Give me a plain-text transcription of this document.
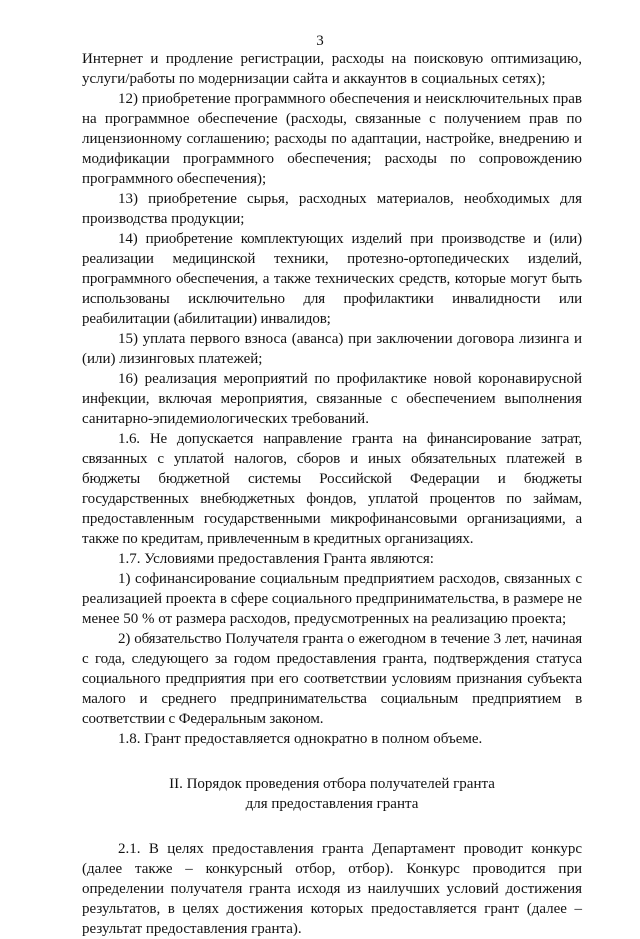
3

Интернет и продление регистрации, расходы на поисковую оптимизацию, услуги/работы по модернизации сайта и аккаунтов в социальных сетях);

12) приобретение программного обеспечения и неисключительных прав на программное обеспечение (расходы, связанные с получением прав по лицензионному соглашению; расходы по адаптации, настройке, внедрению и модификации программного обеспечения; расходы по сопровождению программного обеспечения);

13) приобретение сырья, расходных материалов, необходимых для производства продукции;

14) приобретение комплектующих изделий при производстве и (или) реализации медицинской техники, протезно-ортопедических изделий, программного обеспечения, а также технических средств, которые могут быть использованы исключительно для профилактики инвалидности или реабилитации (абилитации) инвалидов;

15) уплата первого взноса (аванса) при заключении договора лизинга и (или) лизинговых платежей;

16) реализация мероприятий по профилактике новой коронавирусной инфекции, включая мероприятия, связанные с обеспечением выполнения санитарно-эпидемиологических требований.

1.6. Не допускается направление гранта на финансирование затрат, связанных с уплатой налогов, сборов и иных обязательных платежей в бюджеты бюджетной системы Российской Федерации и бюджеты государственных внебюджетных фондов, уплатой процентов по займам, предоставленным государственными микрофинансовыми организациями, а также по кредитам, привлеченным в кредитных организациях.

1.7. Условиями предоставления Гранта являются:

1) софинансирование социальным предприятием расходов, связанных с реализацией проекта в сфере социального предпринимательства, в размере не менее 50 % от размера расходов, предусмотренных на реализацию проекта;

2) обязательство Получателя гранта о ежегодном в течение 3 лет, начиная с года, следующего за годом предоставления гранта, подтверждения статуса социального предприятия при его соответствии условиям признания субъекта малого и среднего предпринимательства социальным предприятием в соответствии с Федеральным законом.

1.8. Грант предоставляется однократно в полном объеме.

II. Порядок проведения отбора получателей гранта
для предоставления гранта

2.1. В целях предоставления гранта Департамент проводит конкурс (далее также – конкурсный отбор, отбор). Конкурс проводится при определении получателя гранта исходя из наилучших условий достижения результатов, в целях достижения которых предоставляется грант (далее – результат предоставления гранта).
